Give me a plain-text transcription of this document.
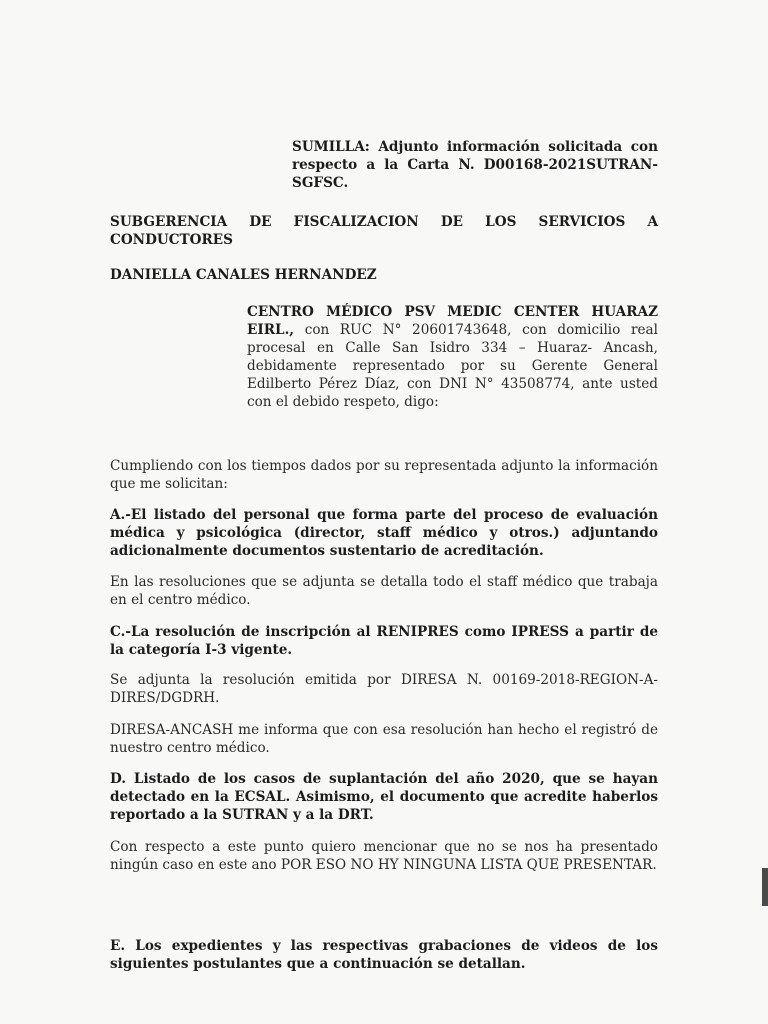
SUMILLA: Adjunto información solicitada con respecto a la Carta N. D00168-2021SUTRAN-SGFSC.
SUBGERENCIA DE FISCALIZACION DE LOS SERVICIOS A CONDUCTORES
DANIELLA CANALES HERNANDEZ
CENTRO MÉDICO PSV MEDIC CENTER HUARAZ EIRL., con RUC N° 20601743648, con domicilio real procesal en Calle San Isidro 334 – Huaraz- Ancash, debidamente representado por su Gerente General Edilberto Pérez Díaz, con DNI N° 43508774, ante usted con el debido respeto, digo:
Cumpliendo con los tiempos dados por su representada adjunto la información que me solicitan:
A.-El listado del personal que forma parte del proceso de evaluación médica y psicológica (director, staff médico y otros.) adjuntando adicionalmente documentos sustentario de acreditación.
En las resoluciones que se adjunta se detalla todo el staff médico que trabaja en el centro médico.
C.-La resolución de inscripción al RENIPRES como IPRESS a partir de la categoría I-3 vigente.
Se adjunta la resolución emitida por DIRESA N. 00169-2018-REGION-A-DIRES/DGDRH.
DIRESA-ANCASH me informa que con esa resolución han hecho el registró de nuestro centro médico.
D. Listado de los casos de suplantación del año 2020, que se hayan detectado en la ECSAL. Asimismo, el documento que acredite haberlos reportado a la SUTRAN y a la DRT.
Con respecto a este punto quiero mencionar que no se nos ha presentado ningún caso en este ano POR ESO NO HY NINGUNA LISTA QUE PRESENTAR.
E. Los expedientes y las respectivas grabaciones de videos de los siguientes postulantes que a continuación se detallan.
